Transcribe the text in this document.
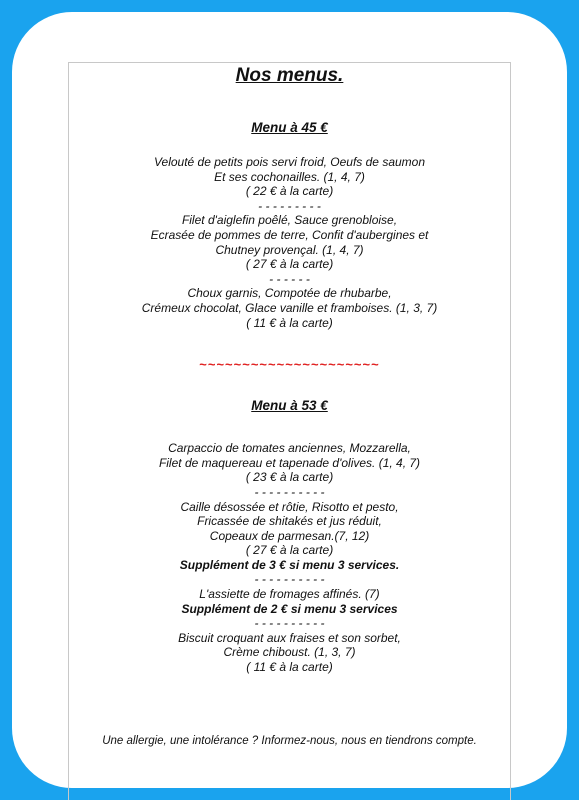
Nos menus.
Menu à 45 €
Velouté de petits pois servi froid, Oeufs de saumon
Et ses cochonailles. (1, 4, 7)
( 22 € à la carte)
- - - - - - - - -
Filet d'aiglefin poêlé, Sauce grenobloise,
Ecrasée de pommes de terre, Confit d'aubergines et
Chutney provençal. (1, 4, 7)
( 27 € à la carte)
- - - - - -
Choux garnis, Compotée de rhubarbe,
Crémeux chocolat, Glace vanille et framboises. (1, 3, 7)
( 11 € à la carte)
~~~~~~~~~~~~~~~~~~~~~
Menu à 53 €
Carpaccio de tomates anciennes, Mozzarella,
Filet de maquereau et tapenade d'olives. (1, 4, 7)
( 23 € à la carte)
- - - - - - - - - -
Caille désossée et rôtie, Risotto et pesto,
Fricassée de shitakés et jus réduit,
Copeaux de parmesan.(7, 12)
( 27 € à la carte)
Supplément de 3 € si menu 3 services.
- - - - - - - - - -
L'assiette de fromages affinés. (7)
Supplément de 2 € si menu 3 services
- - - - - - - - - -
Biscuit croquant aux fraises et son sorbet,
Crème chiboust. (1, 3, 7)
( 11 € à la carte)
Une allergie, une intolérance ? Informez-nous, nous en tiendrons compte.
